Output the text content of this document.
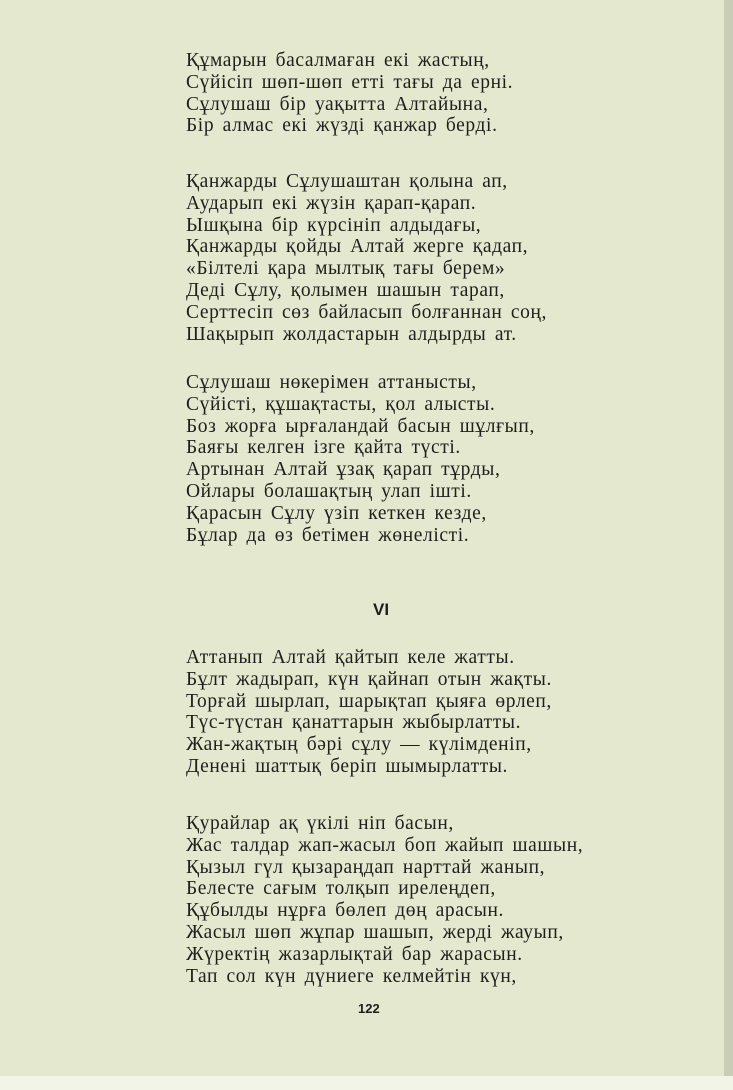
Құмарын басалмаған екі жастың,
Сүйісіп шөп-шөп етті тағы да ерні.
Сұлушаш бір уақытта Алтайына,
Бір алмас екі жүзді қанжар берді.
Қанжарды Сұлушаштан қолына ап,
Аударып екі жүзін қарап-қарап.
Ышқына бір күрсініп алдыдағы,
Қанжарды қойды Алтай жерге қадап,
«Білтелі қара мылтық тағы берем»
Деді Сұлу, қолымен шашын тарап,
Серттесіп сөз байласып болғаннан соң,
Шақырып жолдастарын алдырды ат.
Сұлушаш нөкерімен аттанысты,
Сүйісті, құшақтасты, қол алысты.
Боз жорға ырғаландай басын шұлғып,
Баяғы келген ізге қайта түсті.
Артынан Алтай ұзақ қарап тұрды,
Ойлары болашақтың улап ішті.
Қарасын Сұлу үзіп кеткен кезде,
Бұлар да өз бетімен жөнелісті.
VI
Аттанып Алтай қайтып келе жатты.
Бұлт жадырап, күн қайнап отын жақты.
Торғай шырлап, шарықтап қыяға өрлеп,
Түс-түстан қанаттарын жыбырлатты.
Жан-жақтың бәрі сұлу — күлімденіп,
Денені шаттық беріп шымырлатты.
Қурайлар ақ үкілі ніп басын,
Жас талдар жап-жасыл боп жайып шашын,
Қызыл гүл қызараңдап нарттай жанып,
Белесте сағым толқып ирелеңдеп,
Құбылды нұрға бөлеп дөң арасын.
Жасыл шөп жұпар шашып, жерді жауып,
Жүректің жазарлықтай бар жарасын.
Тап сол күн дүниеге келмейтін күн,
122
